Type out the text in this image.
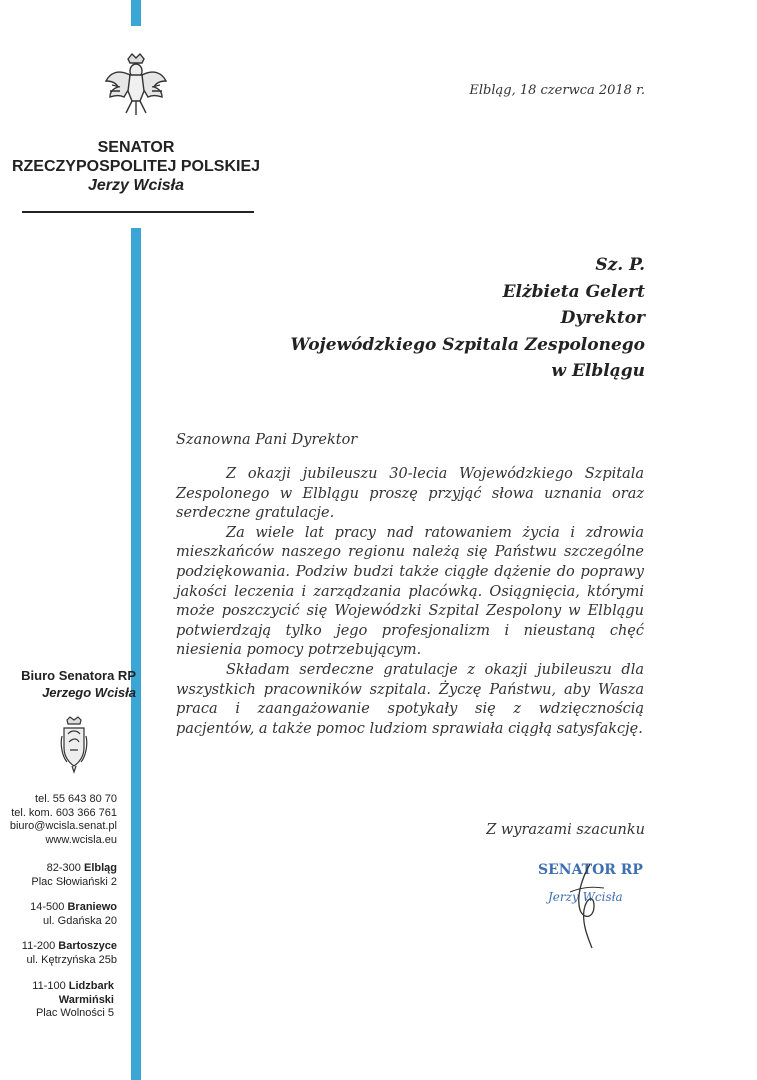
SENATOR
RZECZYPOSPOLITEJ POLSKIEJ
Jerzy Wcisła
Elbląg, 18 czerwca 2018 r.
Sz. P.
Elżbieta Gelert
Dyrektor
Wojewódzkiego Szpitala Zespolonego
w Elblągu
Szanowna Pani Dyrektor

Z okazji jubileuszu 30-lecia Wojewódzkiego Szpitala Zespolonego w Elblągu proszę przyjąć słowa uznania oraz serdeczne gratulacje.

Za wiele lat pracy nad ratowaniem życia i zdrowia mieszkańców naszego regionu należą się Państwu szczególne podziękowania. Podziw budzi także ciągłe dążenie do poprawy jakości leczenia i zarządzania placówką. Osiągnięcia, którymi może poszczycić się Wojewódzki Szpital Zespolony w Elblągu potwierdzają tylko jego profesjonalizm i nieustaną chęć niesienia pomocy potrzebującym.

Składam serdeczne gratulacje z okazji jubileuszu dla wszystkich pracowników szpitala. Życzę Państwu, aby Wasza praca i zaangażowanie spotykały się z wdzięcznością pacjentów, a także pomoc ludziom sprawiała ciągłą satysfakcję.

Z wyrazami szacunku
SENATOR RP
Jerzy Wcisła
Biuro Senatora RP
Jerzego Wcisła
tel. 55 643 80 70
tel. kom. 603 366 761
biuro@wcisla.senat.pl
www.wcisla.eu
82-300 Elbląg
Plac Słowiański 2
14-500 Braniewo
ul. Gdańska 20
11-200 Bartoszyce
ul. Kętrzyńska 25b
11-100 Lidzbark Warmiński
Plac Wolności 5
